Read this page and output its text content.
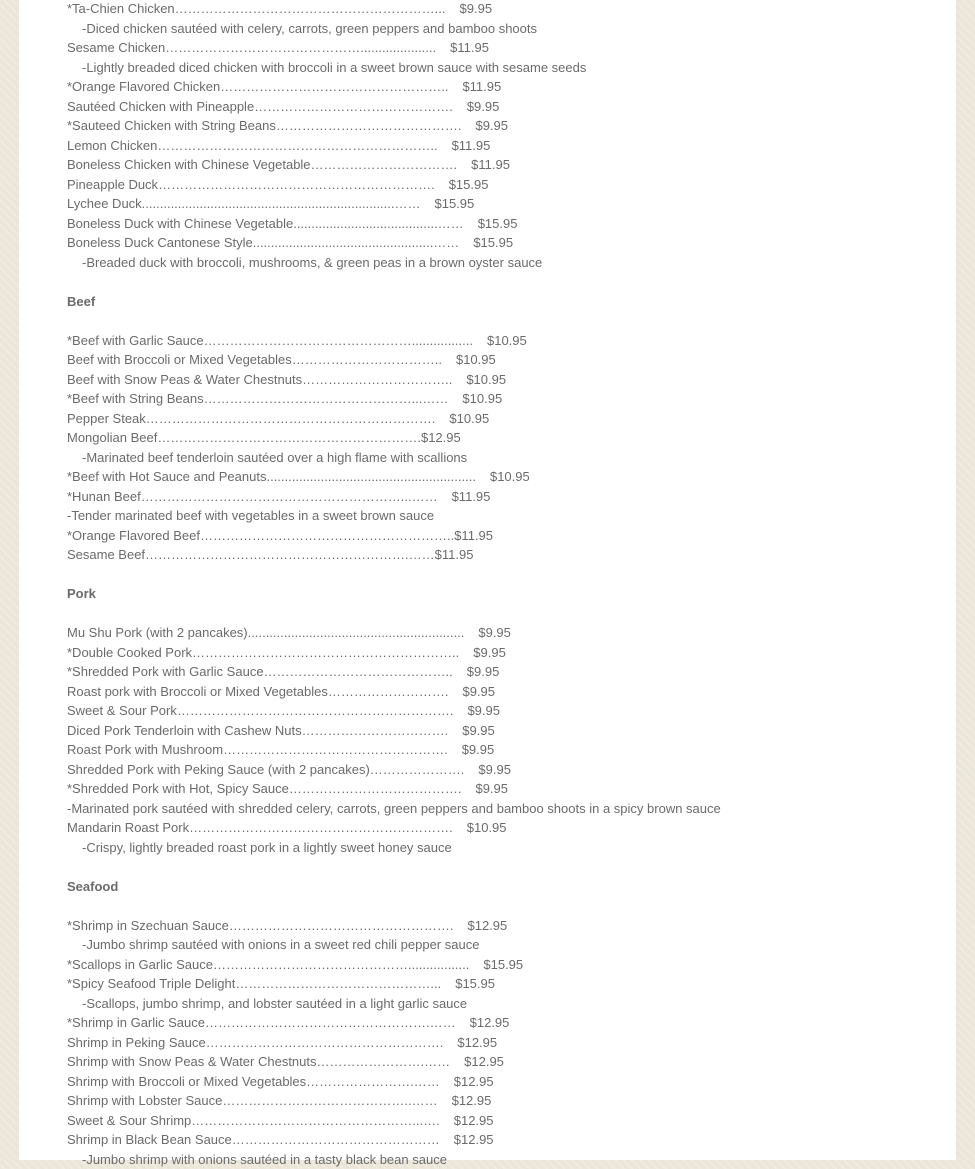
*Ta-Chien Chicken……………………………………………………... $9.95
-Diced chicken sautéed with celery, carrots, green peppers and bamboo shoots
Sesame Chicken………………………………………..................... $11.95
-Lightly breaded diced chicken with broccoli in a sweet brown sauce with sesame seeds
*Orange Flavored Chicken…………………………………………….. $11.95
Sautéed Chicken with Pineapple………………………………………. $9.95
*Sauteed Chicken with String Beans……………………………………. $9.95
Lemon Chicken……………………………………………………….. $11.95
Boneless Chicken with Chinese Vegetable……………………………. $11.95
Pineapple Duck………………………………………………………. $15.95
Lychee Duck......................................................................…… $15.95
Boneless Duck with Chinese Vegetable........................................…… $15.95
Boneless Duck Cantonese Style..................................................…… $15.95
-Breaded duck with broccoli, mushrooms, & green peas in a brown oyster sauce
Beef
*Beef with Garlic Sauce…………………………………………................. $10.95
Beef with Broccoli or Mixed Vegetables…………………………….. $10.95
Beef with Snow Peas & Water Chestnuts…………………………….. $10.95
*Beef with String Beans…………………………………………...…… $10.95
Pepper Steak…………………………………………………………. $10.95
Mongolian Beef…………………………………………………….$12.95
-Marinated beef tenderloin sautéed over a high flame with scallions
*Beef with Hot Sauce and Peanuts.......................................................... $10.95
*Hunan Beef……………………………………………………...…… $11.95
-Tender marinated beef with vegetables in a sweet brown sauce
*Orange Flavored Beef…………………………………………………..$11.95
Sesame Beef…………………………………………………….……$11.95
Pork
Mu Shu Pork (with 2 pancakes)............................................................ $9.95
*Double Cooked Pork…………………………………………………….. $9.95
*Shredded Pork with Garlic Sauce…………………………………….. $9.95
Roast pork with Broccoli or Mixed Vegetables………………………. $9.95
Sweet & Sour Pork………………………………………………………. $9.95
Diced Pork Tenderloin with Cashew Nuts……………………………. $9.95
Roast Pork with Mushroom……………………………………………. $9.95
Shredded Pork with Peking Sauce (with 2 pancakes)…………………. $9.95
*Shredded Pork with Hot, Spicy Sauce…………………………………. $9.95
-Marinated pork sautéed with shredded celery, carrots, green peppers and bamboo shoots in a spicy brown sauce
Mandarin Roast Pork……………………………………………………. $10.95
-Crispy, lightly breaded roast pork in a lightly sweet honey sauce
Seafood
*Shrimp in Szechuan Sauce……………………………………………. $12.95
-Jumbo shrimp sautéed with onions in a sweet red chili pepper sauce
*Scallops in Garlic Sauce………………………………………................. $15.95
*Spicy Seafood Triple Delight………………………………………... $15.95
-Scallops, jumbo shrimp, and lobster sautéed in a light garlic sauce
*Shrimp in Garlic Sauce…………………………………………….…… $12.95
Shrimp in Peking Sauce………………………………………………. $12.95
Shrimp with Snow Peas & Water Chestnuts…………………….…… $12.95
Shrimp with Broccoli or Mixed Vegetables…………………….…… $12.95
Shrimp with Lobster Sauce……………………………………..…… $12.95
Sweet & Sour Shrimp……………………………………………...…. $12.95
Shrimp in Black Bean Sauce………………………………………… $12.95
-Jumbo shrimp with onions sautéed in a tasty black bean sauce
